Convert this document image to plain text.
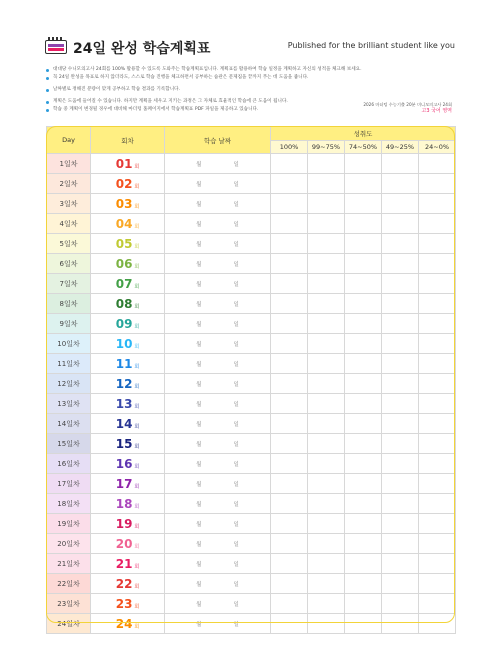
24일 완성 학습계획표	Published for the brilliant student like you
대대당 수니모의고사 24회를 100% 활용할 수 있도록 도와주는 학습계획표입니다. 계획표를 활용하여 학습 일정을 계획하고 자신의 성적을 체크해 보세요.
꼭 24일 완성을 목표로 하지 않더라도, 스스로 학습 진행을 체크하면서 공부하는 습관은 문제집을 끝까지 푸는 데 도움을 줍니다.
날짜별로 정해진 분량이 맞게 공부하고 학습 결과를 기록합니다.
계획은 도움에 들어질 수 있습니다. 하지만 계획을 세우고 지키는 과정은 그 자체로 효율적인 학습에 큰 도움이 됩니다.
학습 중 계획이 변경될 경우에 대비해 마더텅 홈페이지에서 학습계획표 PDF 파일을 제공하고 있습니다.
2026 마더텅 수능기출 20분 미니모의고사 24회
고3 국어 영역
Day	회차	학습 날짜	성취도				
			100%	99~75%	74~50%	49~25%	24~0%
1일차	01 회	월 일					
2일차	02 회	월 일					
3일차	03 회	월 일					
4일차	04 회	월 일					
5일차	05 회	월 일					
6일차	06 회	월 일					
7일차	07 회	월 일					
8일차	08 회	월 일					
9일차	09 회	월 일					
10일차	10 회	월 일					
11일차	11 회	월 일					
12일차	12 회	월 일					
13일차	13 회	월 일					
14일차	14 회	월 일					
15일차	15 회	월 일					
16일차	16 회	월 일					
17일차	17 회	월 일					
18일차	18 회	월 일					
19일차	19 회	월 일					
20일차	20 회	월 일					
21일차	21 회	월 일					
22일차	22 회	월 일					
23일차	23 회	월 일					
24일차	24 회	월 일					
